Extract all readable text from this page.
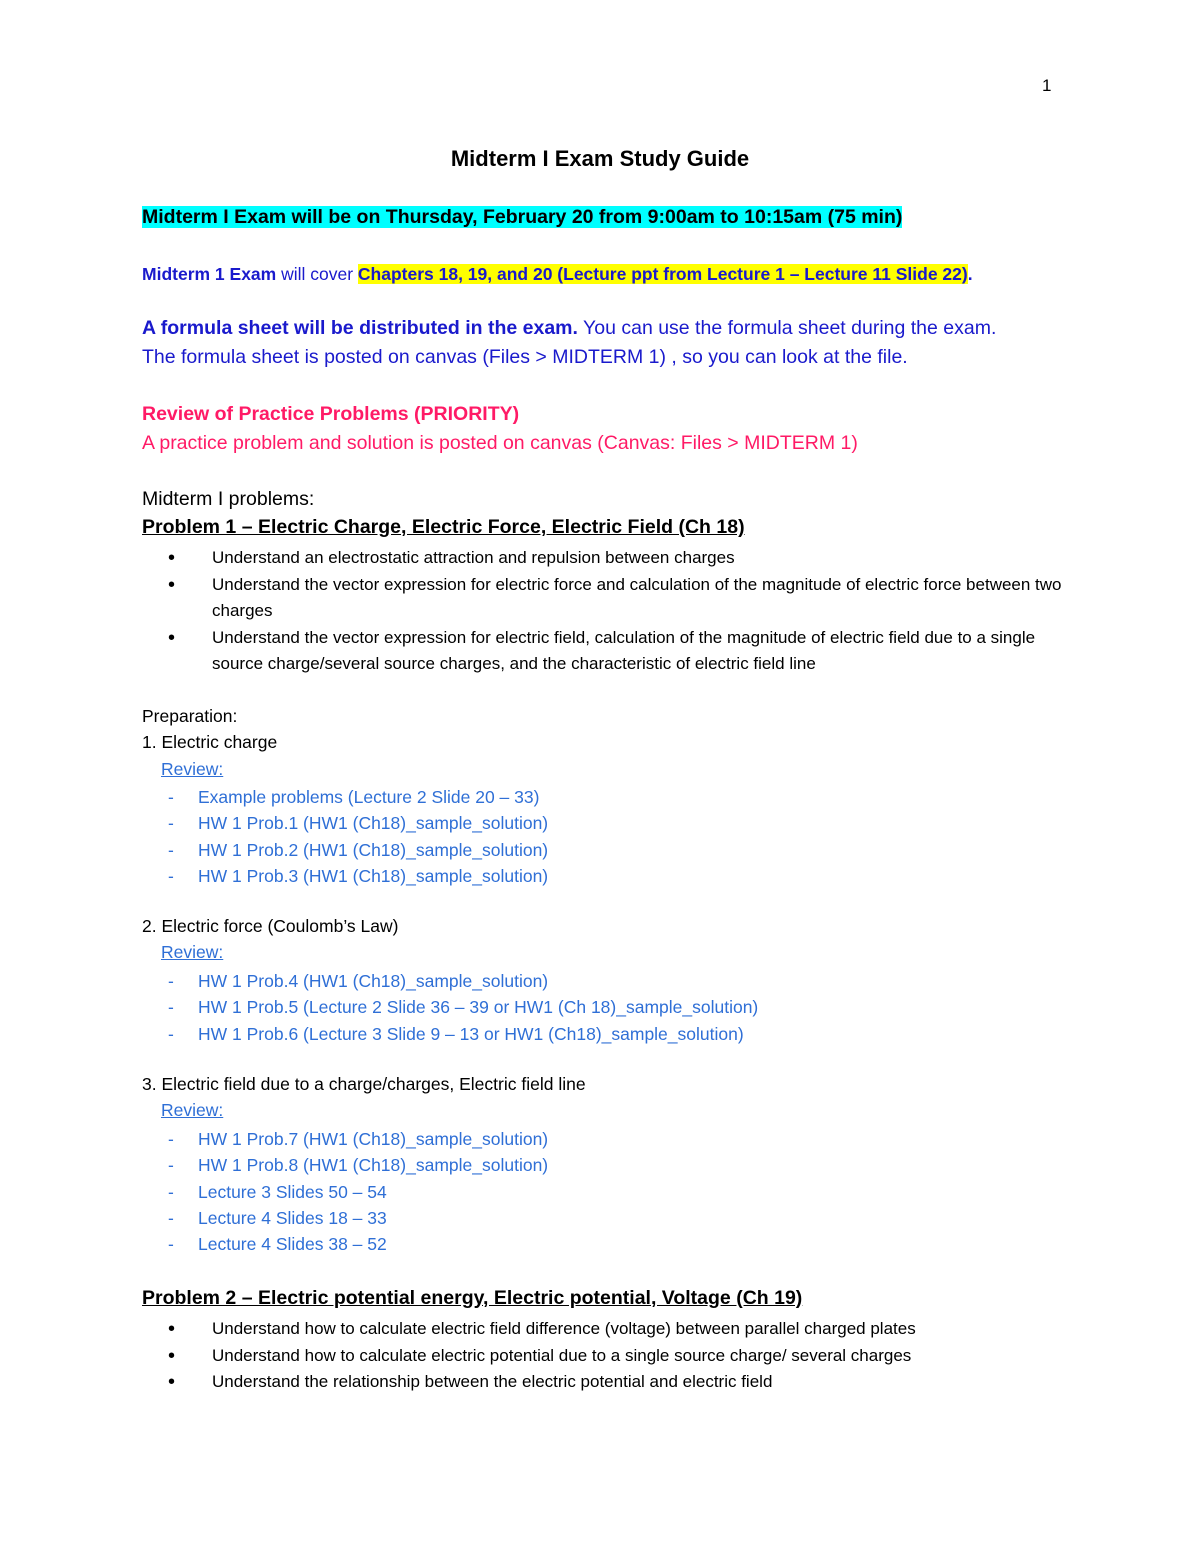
1
Midterm I Exam Study Guide
Midterm I Exam will be on Thursday, February 20 from 9:00am to 10:15am (75 min)
Midterm 1 Exam will cover Chapters 18, 19, and 20 (Lecture ppt from Lecture 1 – Lecture 11 Slide 22).
A formula sheet will be distributed in the exam. You can use the formula sheet during the exam.
The formula sheet is posted on canvas (Files > MIDTERM 1) , so you can look at the file.
Review of Practice Problems (PRIORITY)
A practice problem and solution is posted on canvas (Canvas: Files > MIDTERM 1)
Midterm I problems:
Problem 1 – Electric Charge, Electric Force, Electric Field (Ch 18)
• Understand an electrostatic attraction and repulsion between charges
• Understand the vector expression for electric force and calculation of the magnitude of electric force between two charges
• Understand the vector expression for electric field, calculation of the magnitude of electric field due to a single source charge/several source charges, and the characteristic of electric field line
Preparation:
1. Electric charge
Review:
- Example problems (Lecture 2 Slide 20 – 33)
- HW 1 Prob.1 (HW1 (Ch18)_sample_solution)
- HW 1 Prob.2 (HW1 (Ch18)_sample_solution)
- HW 1 Prob.3 (HW1 (Ch18)_sample_solution)
2. Electric force (Coulomb’s Law)
Review:
- HW 1 Prob.4 (HW1 (Ch18)_sample_solution)
- HW 1 Prob.5 (Lecture 2 Slide 36 – 39 or HW1 (Ch 18)_sample_solution)
- HW 1 Prob.6 (Lecture 3 Slide 9 – 13 or HW1 (Ch18)_sample_solution)
3. Electric field due to a charge/charges, Electric field line
Review:
- HW 1 Prob.7 (HW1 (Ch18)_sample_solution)
- HW 1 Prob.8 (HW1 (Ch18)_sample_solution)
- Lecture 3 Slides 50 – 54
- Lecture 4 Slides 18 – 33
- Lecture 4 Slides 38 – 52
Problem 2 – Electric potential energy, Electric potential, Voltage (Ch 19)
• Understand how to calculate electric field difference (voltage) between parallel charged plates
• Understand how to calculate electric potential due to a single source charge/ several charges
• Understand the relationship between the electric potential and electric field
